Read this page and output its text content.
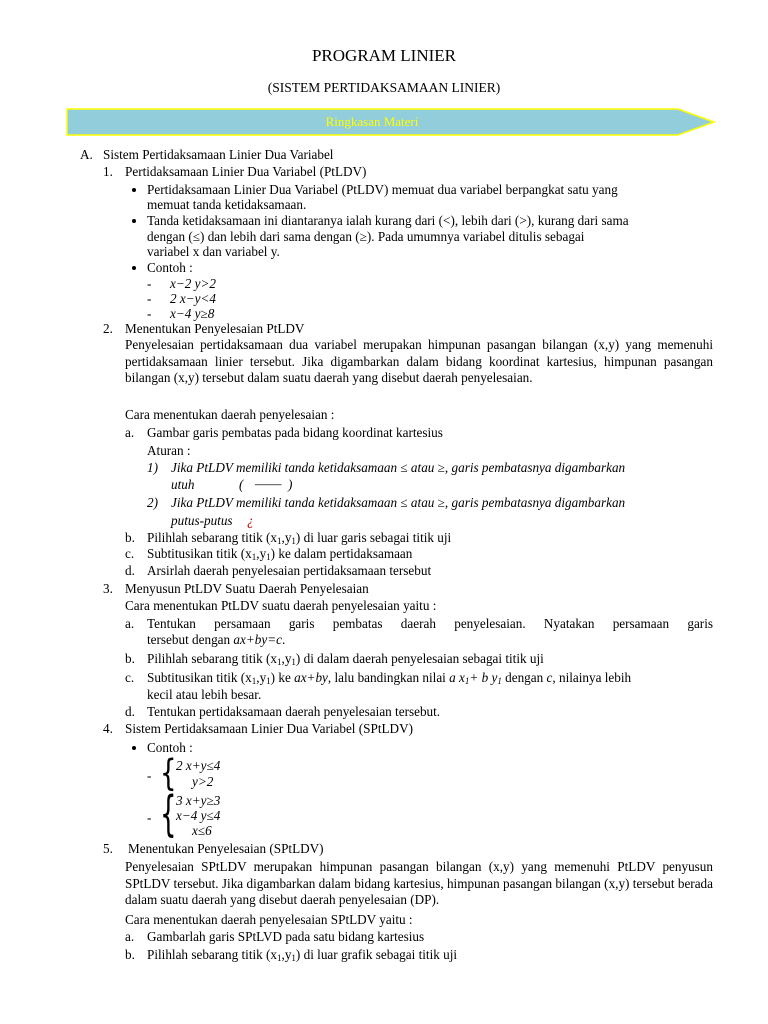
PROGRAM LINIER
(SISTEM PERTIDAKSAMAAN LINIER)
Ringkasan Materi
A. Sistem Pertidaksamaan Linier Dua Variabel
1. Pertidaksamaan Linier Dua Variabel (PtLDV)
Pertidaksamaan Linier Dua Variabel (PtLDV) memuat dua variabel berpangkat satu yang
memuat tanda ketidaksamaan.
Tanda ketidaksamaan ini diantaranya ialah kurang dari (<), lebih dari (>), kurang dari sama
dengan (≤) dan lebih dari sama dengan (≥). Pada umumnya variabel ditulis sebagai
variabel x dan variabel y.
Contoh :
- x−2 y>2
- 2 x−y<4
- x−4 y≥8
2. Menentukan Penyelesaian PtLDV
Penyelesaian pertidaksamaan dua variabel merupakan himpunan pasangan bilangan (x,y) yang memenuhi pertidaksamaan linier tersebut. Jika digambarkan dalam bidang koordinat kartesius, himpunan pasangan bilangan (x,y) tersebut dalam suatu daerah yang disebut daerah penyelesaian.
Cara menentukan daerah penyelesaian :
a. Gambar garis pembatas pada bidang koordinat kartesius
Aturan :
1) Jika PtLDV memiliki tanda ketidaksamaan ≤ atau ≥, garis pembatasnya digambarkan
utuh	( —— )
2) Jika PtLDV memiliki tanda ketidaksamaan ≤ atau ≥, garis pembatasnya digambarkan
putus-putus ¿
b. Pilihlah sebarang titik $(x_1,y_1)$ di luar garis sebagai titik uji
c. Subtitusikan titik $(x_1,y_1)$ ke dalam pertidaksamaan
d. Arsirlah daerah penyelesaian pertidaksamaan tersebut
3. Menyusun PtLDV Suatu Daerah Penyelesaian
Cara menentukan PtLDV suatu daerah penyelesaian yaitu :
a. Tentukan persamaan garis pembatas daerah penyelesaian. Nyatakan persamaan garis
tersebut dengan ax+by=c.
b. Pilihlah sebarang titik $(x_1,y_1)$ di dalam daerah penyelesaian sebagai titik uji
c. Subtitusikan titik $(x_1,y_1)$ ke ax+by, lalu bandingkan nilai a $x_1+ b$ $y_1$ dengan c, nilainya lebih
kecil atau lebih besar.
d. Tentukan pertidaksamaan daerah penyelesaian tersebut.
4. Sistem Pertidaksamaan Linier Dua Variabel (SPtLDV)
Contoh :
- { 2 x+y≤4
y>2
- { 3 x+y≥3
x−4 y≤4
x≤6
5. Menentukan Penyelesaian (SPtLDV)
Penyelesaian SPtLDV merupakan himpunan pasangan bilangan (x,y) yang memenuhi PtLDV penyusun SPtLDV tersebut. Jika digambarkan dalam bidang kartesius, himpunan pasangan bilangan (x,y) tersebut berada dalam suatu daerah yang disebut daerah penyelesaian (DP).
Cara menentukan daerah penyelesaian SPtLDV yaitu :
a. Gambarlah garis SPtLVD pada satu bidang kartesius
b. Pilihlah sebarang titik $(x_1,y_1)$ di luar grafik sebagai titik uji
